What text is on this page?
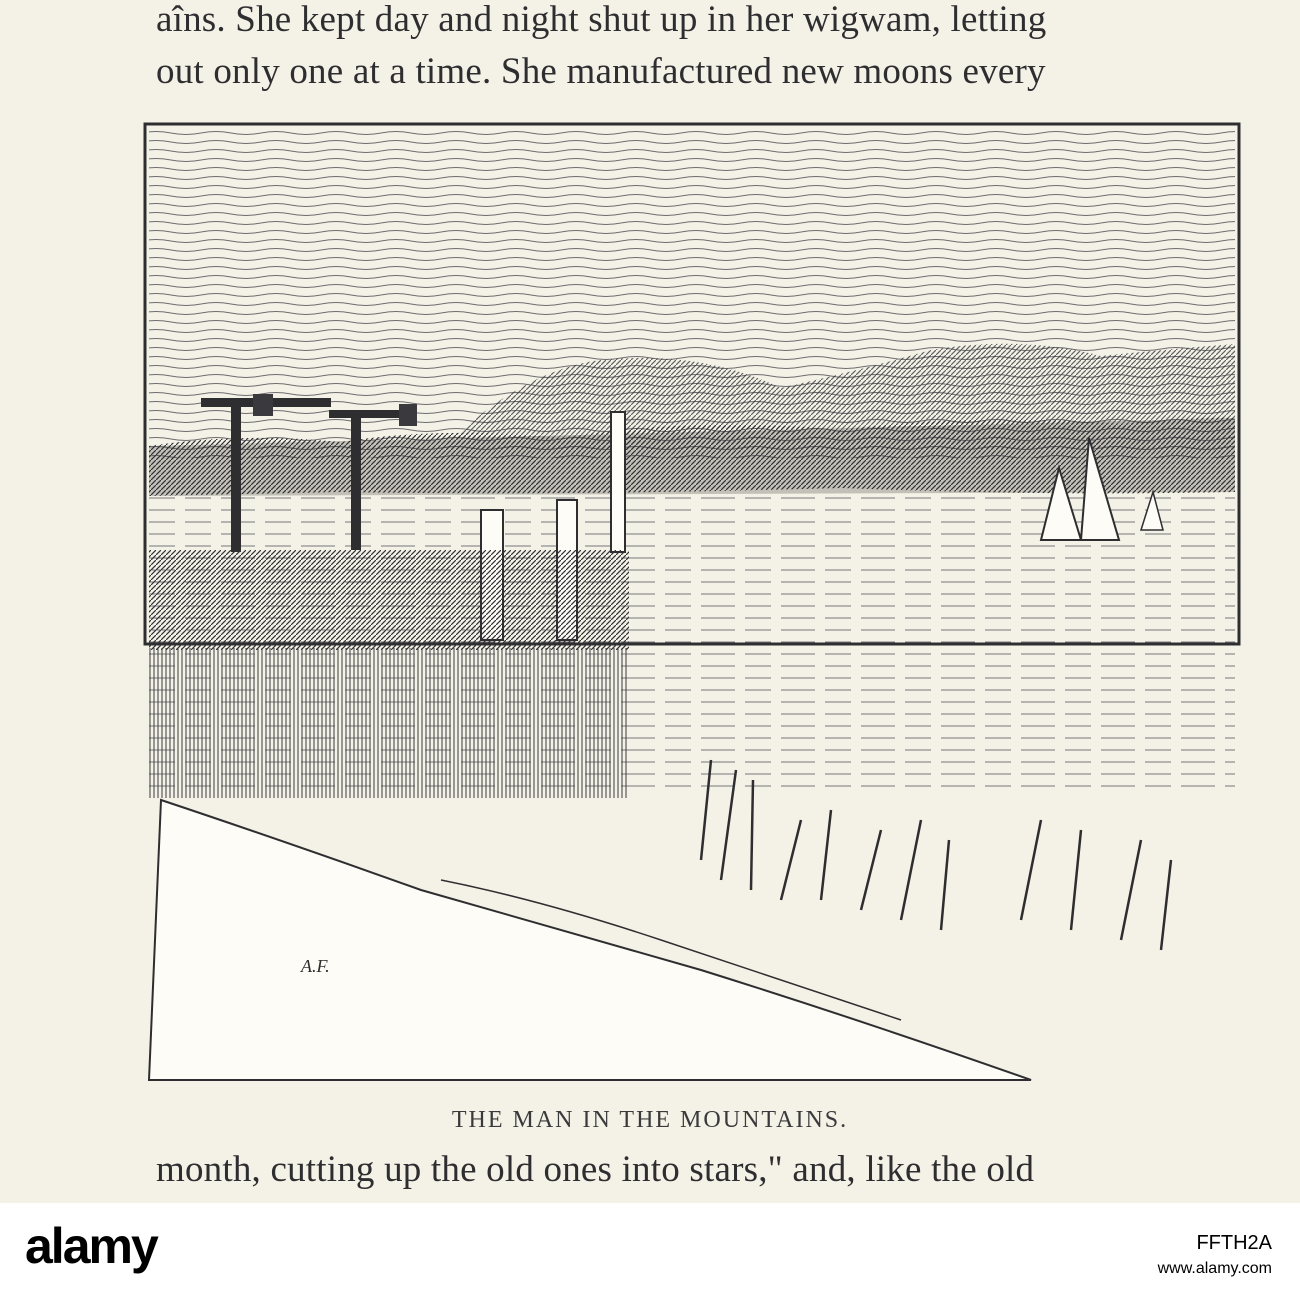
aîns. She kept day and night shut up in her wigwam, letting
out only one at a time. She manufactured new moons every
A.F.
THE MAN IN THE MOUNTAINS.
month, cutting up the old ones into stars," and, like the old
alamy	FFTH2A
www.alamy.com
